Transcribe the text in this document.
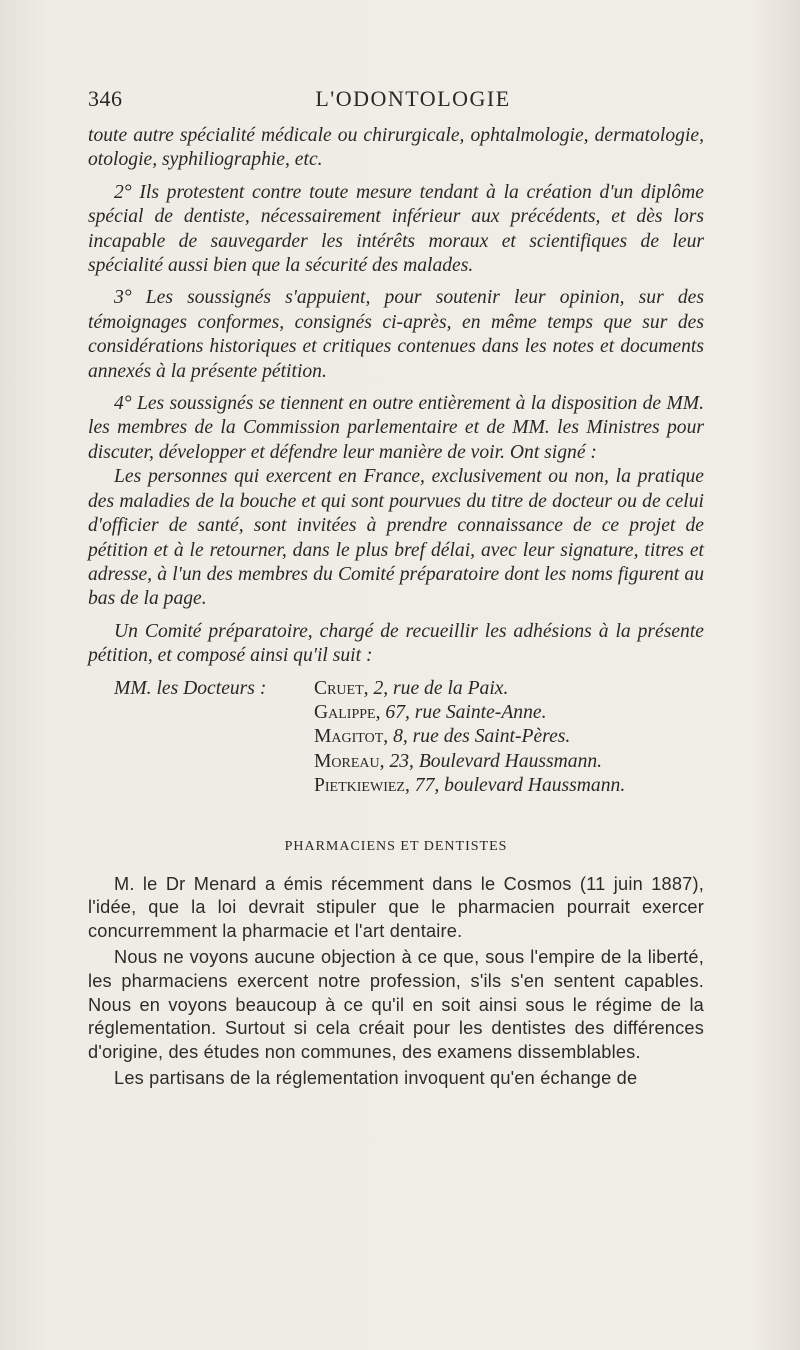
346	L'ODONTOLOGIE

toute autre spécialité médicale ou chirurgicale, ophtalmologie, dermatologie, otologie, syphiliographie, etc.

2° Ils protestent contre toute mesure tendant à la création d'un diplôme spécial de dentiste, nécessairement inférieur aux précédents, et dès lors incapable de sauvegarder les intérêts moraux et scientifiques de leur spécialité aussi bien que la sécurité des malades.

3° Les soussignés s'appuient, pour soutenir leur opinion, sur des témoignages conformes, consignés ci-après, en même temps que sur des considérations historiques et critiques contenues dans les notes et documents annexés à la présente pétition.

4° Les soussignés se tiennent en outre entièrement à la disposition de MM. les membres de la Commission parlementaire et de MM. les Ministres pour discuter, développer et défendre leur manière de voir. Ont signé :

Les personnes qui exercent en France, exclusivement ou non, la pratique des maladies de la bouche et qui sont pourvues du titre de docteur ou de celui d'officier de santé, sont invitées à prendre connaissance de ce projet de pétition et à le retourner, dans le plus bref délai, avec leur signature, titres et adresse, à l'un des membres du Comité préparatoire dont les noms figurent au bas de la page.

Un Comité préparatoire, chargé de recueillir les adhésions à la présente pétition, et composé ainsi qu'il suit :

MM. les Docteurs : Cruet, 2, rue de la Paix.
Galippe, 67, rue Sainte-Anne.
Magitot, 8, rue des Saint-Pères.
Moreau, 23, Boulevard Haussmann.
Pietkiewiez, 77, boulevard Haussmann.
PHARMACIENS ET DENTISTES

M. le Dr Menard a émis récemment dans le Cosmos (11 juin 1887), l'idée, que la loi devrait stipuler que le pharmacien pourrait exercer concurremment la pharmacie et l'art dentaire.

Nous ne voyons aucune objection à ce que, sous l'empire de la liberté, les pharmaciens exercent notre profession, s'ils s'en sentent capables. Nous en voyons beaucoup à ce qu'il en soit ainsi sous le régime de la réglementation. Surtout si cela créait pour les dentistes des différences d'origine, des études non communes, des examens dissemblables.

Les partisans de la réglementation invoquent qu'en échange de
